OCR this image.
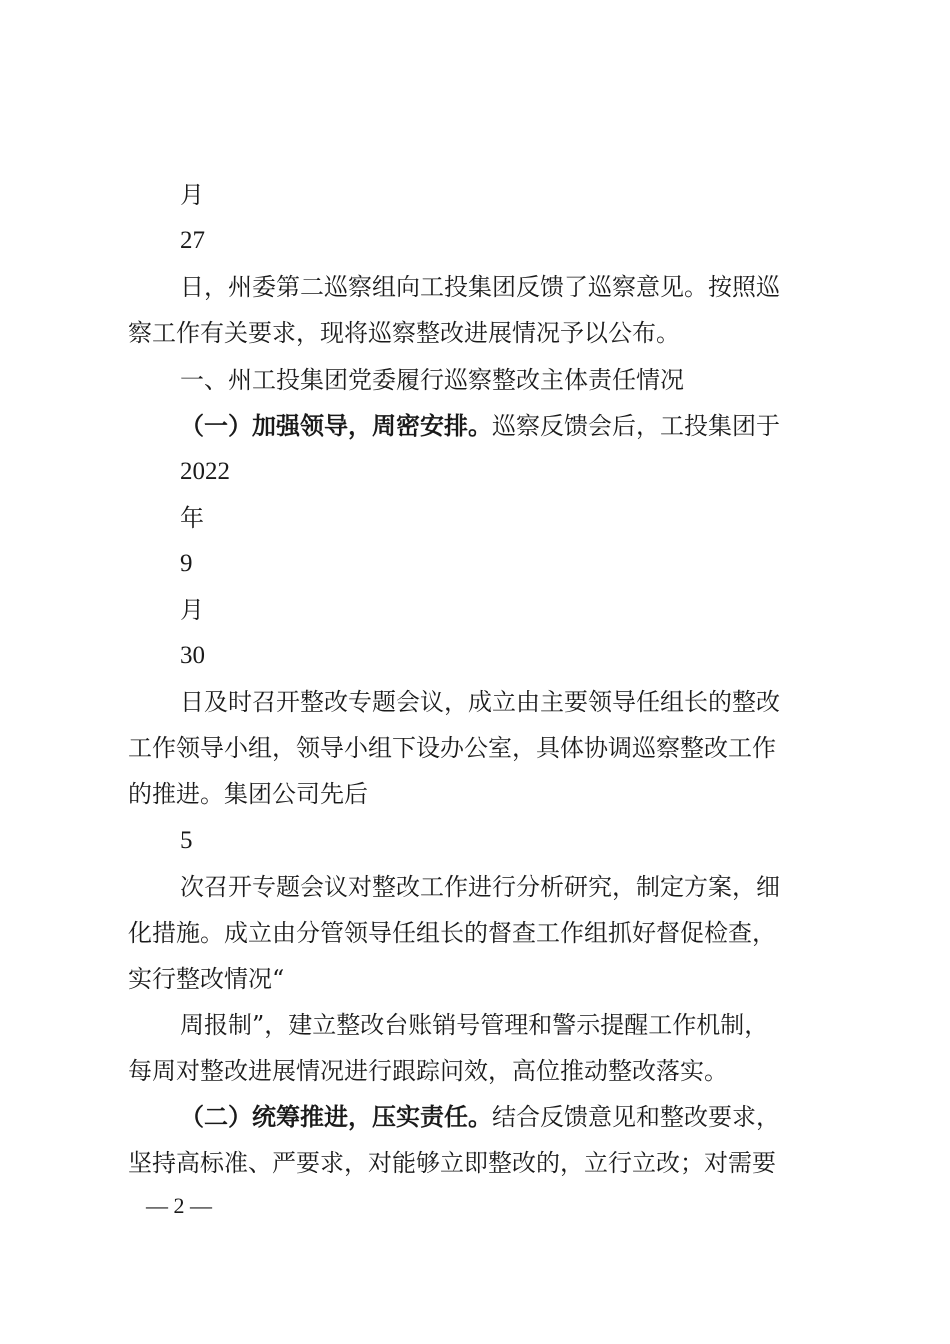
月
27
日，州委第二巡察组向工投集团反馈了巡察意见。按照巡
察工作有关要求，现将巡察整改进展情况予以公布。
一、州工投集团党委履行巡察整改主体责任情况
（一）加强领导，周密安排。巡察反馈会后，工投集团于
2022
年
9
月
30
日及时召开整改专题会议，成立由主要领导任组长的整改
工作领导小组，领导小组下设办公室，具体协调巡察整改工作
的推进。集团公司先后
5
次召开专题会议对整改工作进行分析研究，制定方案，细
化措施。成立由分管领导任组长的督查工作组抓好督促检查，
实行整改情况“
周报制”，建立整改台账销号管理和警示提醒工作机制，
每周对整改进展情况进行跟踪问效，高位推动整改落实。
（二）统筹推进，压实责任。结合反馈意见和整改要求，
坚持高标准、严要求，对能够立即整改的，立行立改；对需要
— 2 —
